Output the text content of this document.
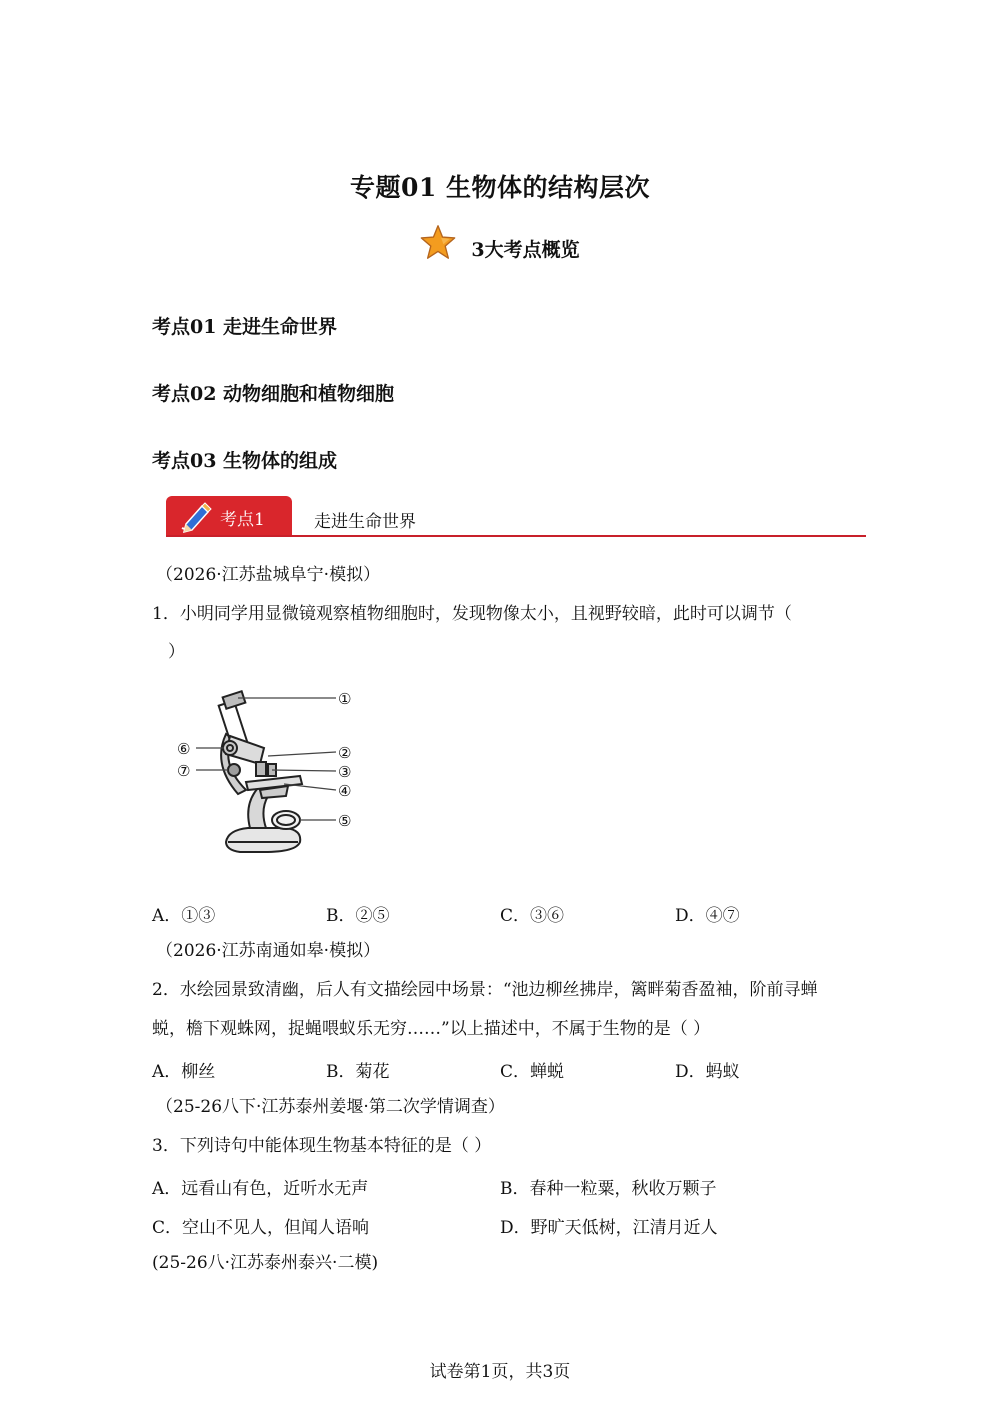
专题01 生物体的结构层次
3大考点概览
考点01 走进生命世界
考点02 动物细胞和植物细胞
考点03 生物体的组成
考点1	走进生命世界
（2026·江苏盐城阜宁·模拟）
1．小明同学用显微镜观察植物细胞时，发现物像太小，且视野较暗，此时可以调节（
）
①
②
③
④
⑤
⑥
⑦
A．①③	B．②⑤	C．③⑥	D．④⑦
（2026·江苏南通如皋·模拟）
2．水绘园景致清幽，后人有文描绘园中场景：“池边柳丝拂岸，篱畔菊香盈袖，阶前寻蝉
蜕，檐下观蛛网，捉蝇喂蚁乐无穷……”以上描述中，不属于生物的是（ ）
A．柳丝	B．菊花	C．蝉蜕	D．蚂蚁
（25-26八下·江苏泰州姜堰·第二次学情调查）
3．下列诗句中能体现生物基本特征的是（ ）
A．远看山有色，近听水无声	B．春种一粒粟，秋收万颗子
C．空山不见人，但闻人语响	D．野旷天低树，江清月近人
(25-26八·江苏泰州泰兴·二模)
试卷第1页，共3页
